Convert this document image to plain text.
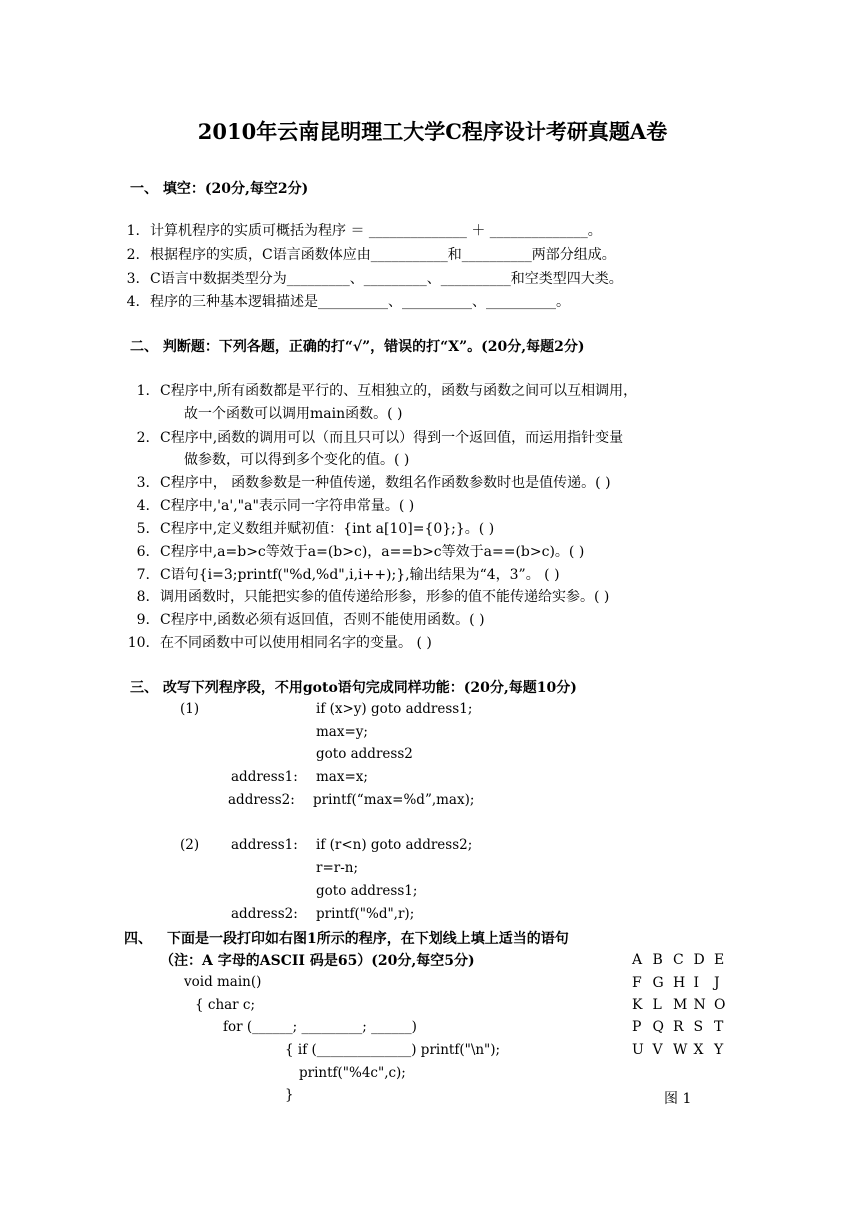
2010年云南昆明理工大学C程序设计考研真题A卷
一、 填空：(20分,每空2分)
1. 计算机程序的实质可概括为程序 ＝ ______________ ＋ ______________。
2. 根据程序的实质，C语言函数体应由___________和__________两部分组成。
3. C语言中数据类型分为_________、_________、__________和空类型四大类。
4. 程序的三种基本逻辑描述是__________、__________、__________。
二、 判断题：下列各题，正确的打“√”，错误的打“X”。(20分,每题2分)
1. C程序中,所有函数都是平行的、互相独立的，函数与函数之间可以互相调用，
故一个函数可以调用main函数。( )
2. C程序中,函数的调用可以（而且只可以）得到一个返回值，而运用指针变量
做参数，可以得到多个变化的值。( )
3. C程序中， 函数参数是一种值传递，数组名作函数参数时也是值传递。( )
4. C程序中,'a',"a"表示同一字符串常量。( )
5. C程序中,定义数组并赋初值：{int a[10]={0};}。( )
6. C程序中,a=b>c等效于a=(b>c)，a==b>c等效于a==(b>c)。( )
7. C语句{i=3;printf("%d,%d",i,i++);},输出结果为“4，3”。 ( )
8. 调用函数时，只能把实参的值传递给形参，形参的值不能传递给实参。( )
9. C程序中,函数必须有返回值，否则不能使用函数。( )
10. 在不同函数中可以使用相同名字的变量。 ( )
三、 改写下列程序段，不用goto语句完成同样功能：(20分,每题10分)
(1)	if (x>y) goto address1;
max=y;
goto address2
address1: max=x;
address2: printf(“max=%d”,max);
(2) address1: if (r<n) goto address2;
r=r-n;
goto address1;
address2: printf("%d",r);
四、 下面是一段打印如右图1所示的程序，在下划线上填上适当的语句
（注：A 字母的ASCII 码是65）(20分,每空5分)
void main()
{ char c;
for (______; _________; ______)
{ if (______________) printf("\n");
printf("%4c",c);
}
A B C D E
F G H I J
K L M N O
P Q R S T
U V W X Y
图 1
